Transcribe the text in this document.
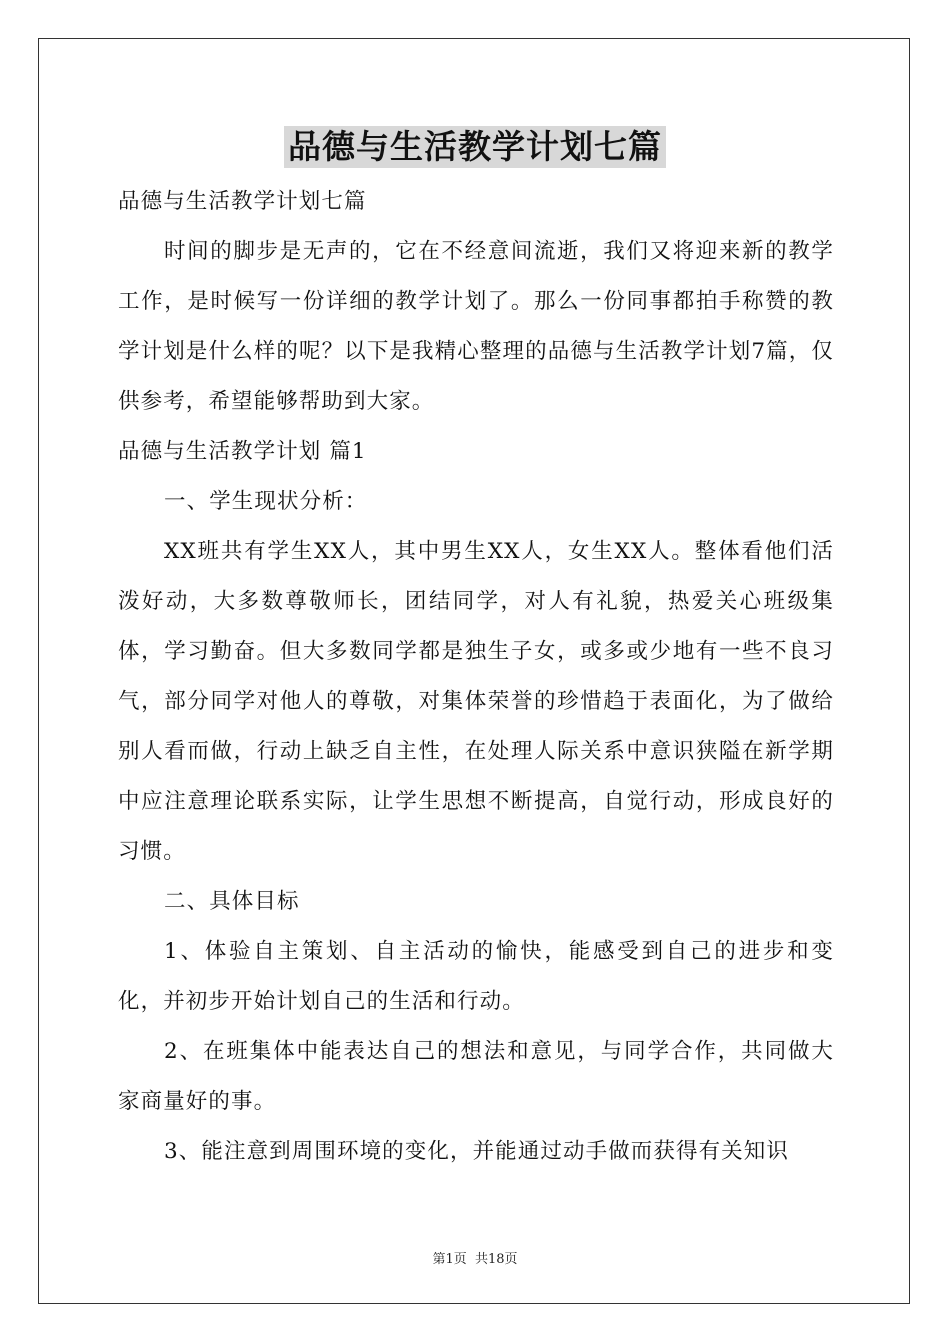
品德与生活教学计划七篇

品德与生活教学计划七篇

时间的脚步是无声的，它在不经意间流逝，我们又将迎来新的教学工作，是时候写一份详细的教学计划了。那么一份同事都拍手称赞的教学计划是什么样的呢？以下是我精心整理的品德与生活教学计划7篇，仅供参考，希望能够帮助到大家。

品德与生活教学计划 篇1

一、学生现状分析：

XX班共有学生XX人，其中男生XX人，女生XX人。整体看他们活泼好动，大多数尊敬师长，团结同学，对人有礼貌，热爱关心班级集体，学习勤奋。但大多数同学都是独生子女，或多或少地有一些不良习气，部分同学对他人的尊敬，对集体荣誉的珍惜趋于表面化，为了做给别人看而做，行动上缺乏自主性，在处理人际关系中意识狭隘在新学期中应注意理论联系实际，让学生思想不断提高，自觉行动，形成良好的习惯。

二、具体目标

1、体验自主策划、自主活动的愉快，能感受到自己的进步和变化，并初步开始计划自己的生活和行动。

2、在班集体中能表达自己的想法和意见，与同学合作，共同做大家商量好的事。

3、能注意到周围环境的变化，并能通过动手做而获得有关知识

第1页 共18页
